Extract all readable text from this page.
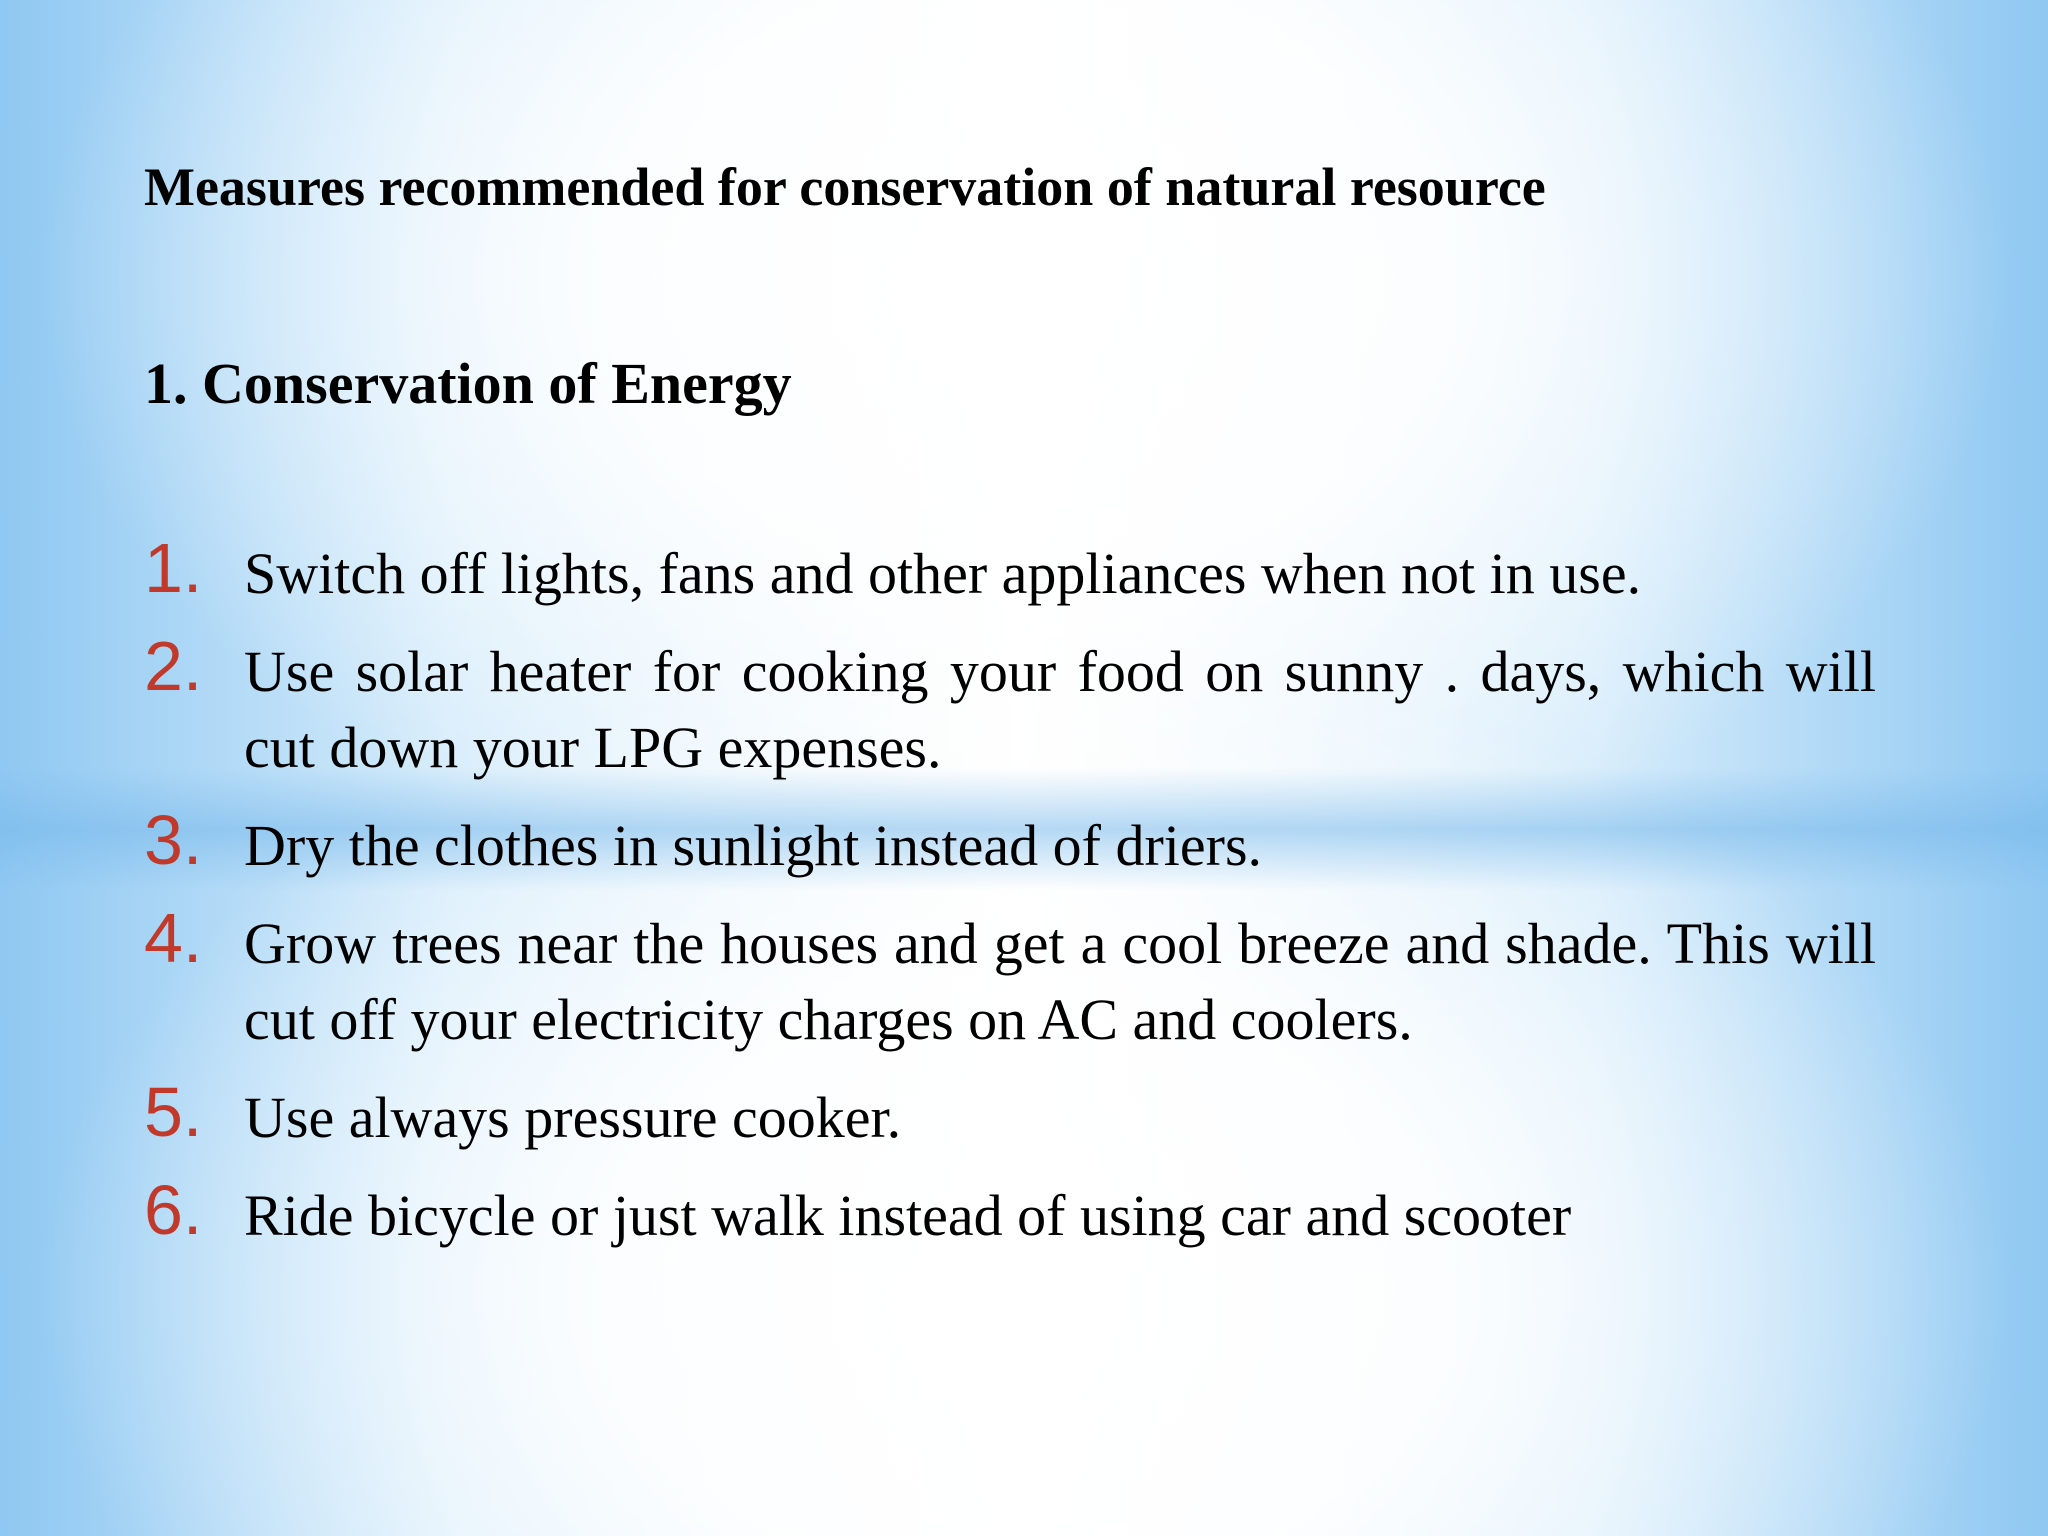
Measures recommended for conservation of natural resource
1. Conservation of Energy
1. Switch off lights, fans and other appliances when not in use.
2. Use solar heater for cooking your food on sunny . days, which will cut down your LPG expenses.
3. Dry the clothes in sunlight instead of driers.
4. Grow trees near the houses and get a cool breeze and shade. This will cut off your electricity charges on AC and coolers.
5. Use always pressure cooker.
6. Ride bicycle or just walk instead of using car and scooter
